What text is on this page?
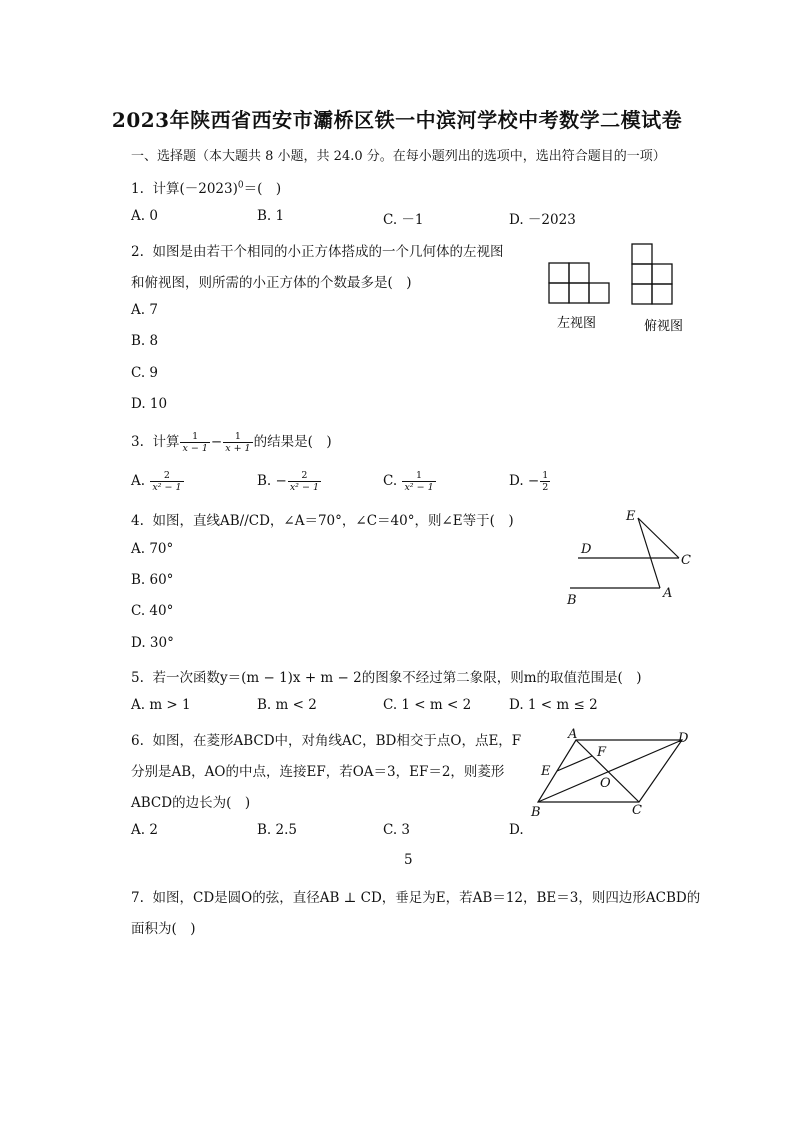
2023年陕西省西安市灞桥区铁一中滨河学校中考数学二模试卷
一、选择题（本大题共 8 小题，共 24.0 分。在每小题列出的选项中，选出符合题目的一项）
1. 计算$(-2023)^0=$(　)
A. 0	B. 1	C. －1	D. －2023
2. 如图是由若干个相同的小正方体搭成的一个几何体的左视图
和俯视图，则所需的小正方体的个数最多是(　)
A. 7
B. 8
C. 9
D. 10
左视图	俯视图
3. 计算 $\frac{1}{x - 1} - \frac{1}{x + 1}$ 的结果是(　)
A. $\frac{2}{\text{x² − 1}}$	B. − $\frac{2}{\text{x² − 1}}$	C. $\frac{1}{\text{x² − 1}}$	D. − $\frac{1}{2}$
4. 如图，直线AB//CD，∠A＝70°，∠C＝40°，则∠E等于(　)
A. 70°
B. 60°
C. 40°
D. 30°
E
D
C
B	A
5. 若一次函数y＝(m − 1)x + m − 2的图象不经过第二象限，则m的取值范围是(　)
A. m > 1	B. m < 2	C. 1 < m < 2	D. 1 < m ≤ 2
6. 如图，在菱形ABCD中，对角线AC，BD相交于点O，点E，F
分别是AB，AO的中点，连接EF，若OA＝3，EF＝2，则菱形
ABCD的边长为(　)
A. 2	B. 2.5	C. 3	D.
5
A	D
F
E
O
B	C
7. 如图，CD是圆O的弦，直径AB ⊥ CD，垂足为E，若AB＝12，BE＝3，则四边形ACBD的
面积为(　)
